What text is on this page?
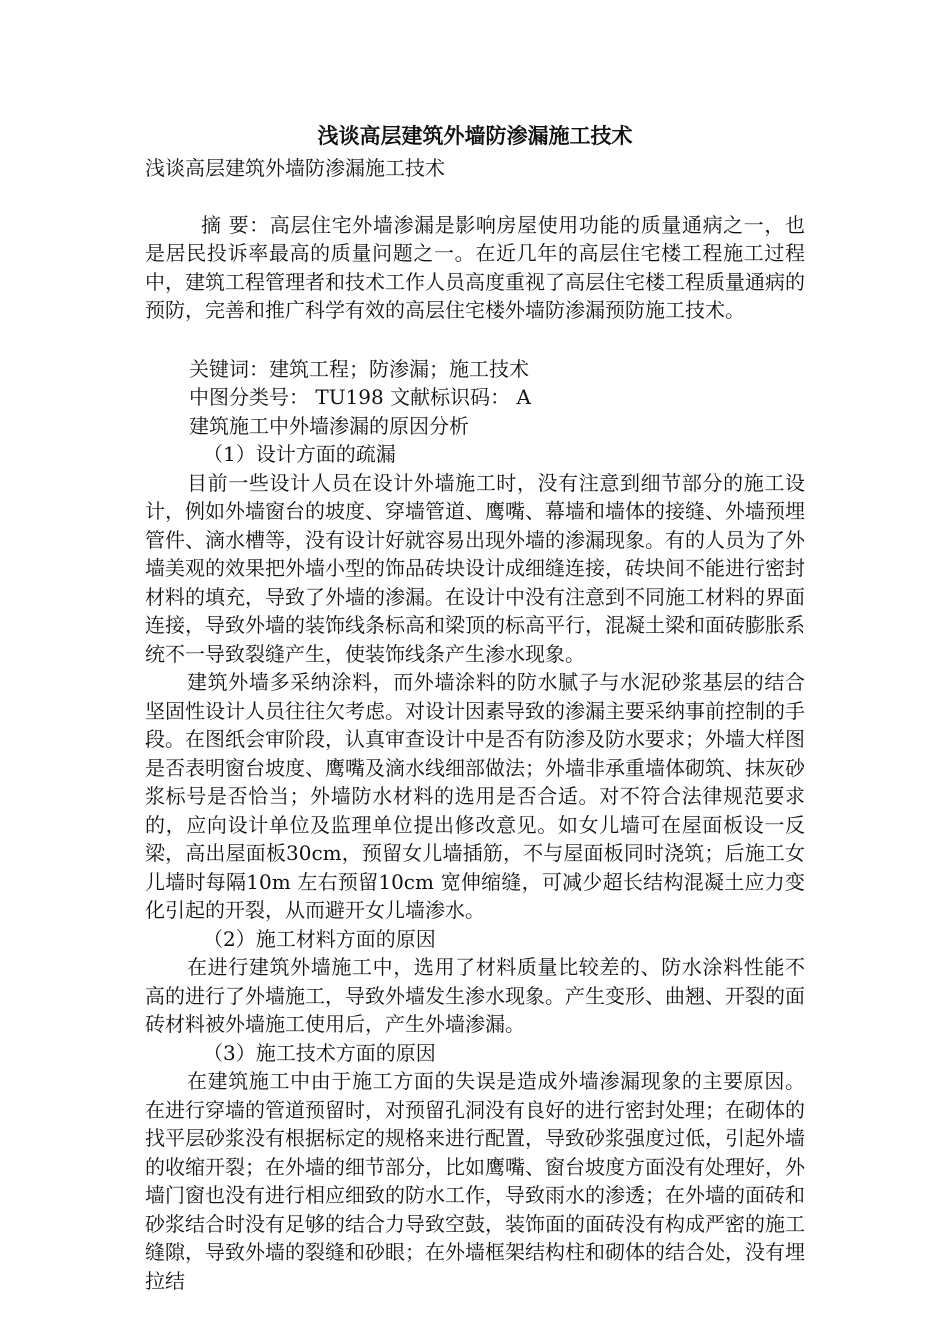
浅谈高层建筑外墙防渗漏施工技术

浅谈高层建筑外墙防渗漏施工技术

摘 要：高层住宅外墙渗漏是影响房屋使用功能的质量通病之一，也是居民投诉率最高的质量问题之一。在近几年的高层住宅楼工程施工过程中，建筑工程管理者和技术工作人员高度重视了高层住宅楼工程质量通病的预防，完善和推广科学有效的高层住宅楼外墙防渗漏预防施工技术。

关键词：建筑工程；防渗漏；施工技术

中图分类号： TU198 文献标识码： A

建筑施工中外墙渗漏的原因分析

（1）设计方面的疏漏

目前一些设计人员在设计外墙施工时，没有注意到细节部分的施工设计，例如外墙窗台的坡度、穿墙管道、鹰嘴、幕墙和墙体的接缝、外墙预埋管件、滴水槽等，没有设计好就容易出现外墙的渗漏现象。有的人员为了外墙美观的效果把外墙小型的饰品砖块设计成细缝连接，砖块间不能进行密封材料的填充，导致了外墙的渗漏。在设计中没有注意到不同施工材料的界面连接，导致外墙的装饰线条标高和梁顶的标高平行，混凝土梁和面砖膨胀系统不一导致裂缝产生，使装饰线条产生渗水现象。

建筑外墙多采纳涂料，而外墙涂料的防水腻子与水泥砂浆基层的结合坚固性设计人员往往欠考虑。对设计因素导致的渗漏主要采纳事前控制的手段。在图纸会审阶段，认真审查设计中是否有防渗及防水要求；外墙大样图是否表明窗台坡度、鹰嘴及滴水线细部做法；外墙非承重墙体砌筑、抹灰砂浆标号是否恰当；外墙防水材料的选用是否合适。对不符合法律规范要求的，应向设计单位及监理单位提出修改意见。如女儿墙可在屋面板设一反梁，高出屋面板30cm，预留女儿墙插筋，不与屋面板同时浇筑；后施工女儿墙时每隔10m 左右预留10cm 宽伸缩缝，可减少超长结构混凝土应力变化引起的开裂，从而避开女儿墙渗水。

（2）施工材料方面的原因

在进行建筑外墙施工中，选用了材料质量比较差的、防水涂料性能不高的进行了外墙施工，导致外墙发生渗水现象。产生变形、曲翘、开裂的面砖材料被外墙施工使用后，产生外墙渗漏。

（3）施工技术方面的原因

在建筑施工中由于施工方面的失误是造成外墙渗漏现象的主要原因。在进行穿墙的管道预留时，对预留孔洞没有良好的进行密封处理；在砌体的找平层砂浆没有根据标定的规格来进行配置，导致砂浆强度过低，引起外墙的收缩开裂；在外墙的细节部分，比如鹰嘴、窗台坡度方面没有处理好，外墙门窗也没有进行相应细致的防水工作，导致雨水的渗透；在外墙的面砖和砂浆结合时没有足够的结合力导致空鼓，装饰面的面砖没有构成严密的施工缝隙，导致外墙的裂缝和砂眼；在外墙框架结构柱和砌体的结合处，没有埋拉结
